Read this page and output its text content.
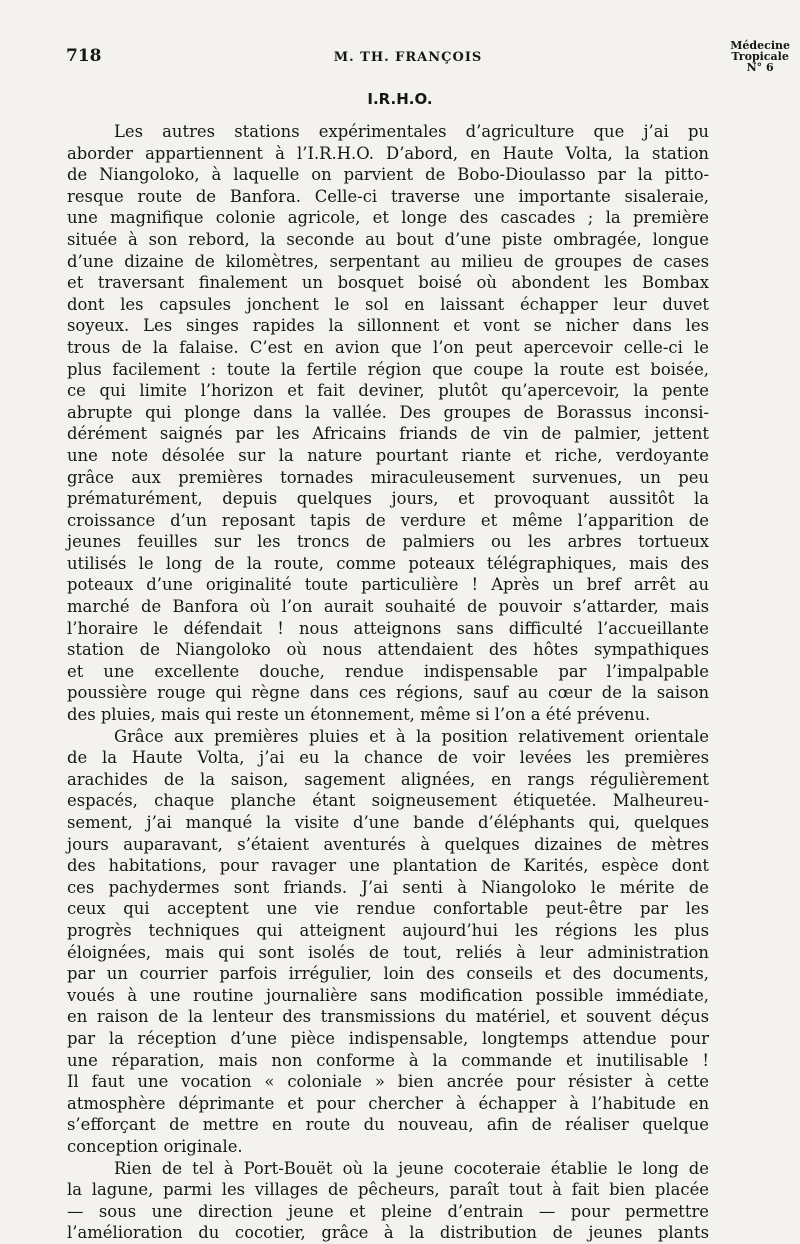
718	M. TH. FRANÇOIS
Médecine
Tropicale
N° 6
I.R.H.O.

Les autres stations expérimentales d’agriculture que j’ai pu
aborder appartiennent à l’I.R.H.O. D’abord, en Haute Volta, la station
de Niangoloko, à laquelle on parvient de Bobo-Dioulasso par la pitto-
resque route de Banfora. Celle-ci traverse une importante sisaleraie,
une magnifique colonie agricole, et longe des cascades ; la première
située à son rebord, la seconde au bout d’une piste ombragée, longue
d’une dizaine de kilomètres, serpentant au milieu de groupes de cases
et traversant finalement un bosquet boisé où abondent les Bombax
dont les capsules jonchent le sol en laissant échapper leur duvet
soyeux. Les singes rapides la sillonnent et vont se nicher dans les
trous de la falaise. C’est en avion que l’on peut apercevoir celle-ci le
plus facilement : toute la fertile région que coupe la route est boisée,
ce qui limite l’horizon et fait deviner, plutôt qu’apercevoir, la pente
abrupte qui plonge dans la vallée. Des groupes de Borassus inconsi-
dérément saignés par les Africains friands de vin de palmier, jettent
une note désolée sur la nature pourtant riante et riche, verdoyante
grâce aux premières tornades miraculeusement survenues, un peu
prématurément, depuis quelques jours, et provoquant aussitôt la
croissance d’un reposant tapis de verdure et même l’apparition de
jeunes feuilles sur les troncs de palmiers ou les arbres tortueux
utilisés le long de la route, comme poteaux télégraphiques, mais des
poteaux d’une originalité toute particulière ! Après un bref arrêt au
marché de Banfora où l’on aurait souhaité de pouvoir s’attarder, mais
l’horaire le défendait ! nous atteignons sans difficulté l’accueillante
station de Niangoloko où nous attendaient des hôtes sympathiques
et une excellente douche, rendue indispensable par l’impalpable
poussière rouge qui règne dans ces régions, sauf au cœur de la saison
des pluies, mais qui reste un étonnement, même si l’on a été prévenu.

Grâce aux premières pluies et à la position relativement orientale
de la Haute Volta, j’ai eu la chance de voir levées les premières
arachides de la saison, sagement alignées, en rangs régulièrement
espacés, chaque planche étant soigneusement étiquetée. Malheureu-
sement, j’ai manqué la visite d’une bande d’éléphants qui, quelques
jours auparavant, s’étaient aventurés à quelques dizaines de mètres
des habitations, pour ravager une plantation de Karités, espèce dont
ces pachydermes sont friands. J’ai senti à Niangoloko le mérite de
ceux qui acceptent une vie rendue confortable peut-être par les
progrès techniques qui atteignent aujourd’hui les régions les plus
éloignées, mais qui sont isolés de tout, reliés à leur administration
par un courrier parfois irrégulier, loin des conseils et des documents,
voués à une routine journalière sans modification possible immédiate,
en raison de la lenteur des transmissions du matériel, et souvent déçus
par la réception d’une pièce indispensable, longtemps attendue pour
une réparation, mais non conforme à la commande et inutilisable !
Il faut une vocation « coloniale » bien ancrée pour résister à cette
atmosphère déprimante et pour chercher à échapper à l’habitude en
s’efforçant de mettre en route du nouveau, afin de réaliser quelque
conception originale.

Rien de tel à Port-Bouët où la jeune cocoteraie établie le long de
la lagune, parmi les villages de pêcheurs, paraît tout à fait bien placée
— sous une direction jeune et pleine d’entrain — pour permettre
l’amélioration du cocotier, grâce à la distribution de jeunes plants
